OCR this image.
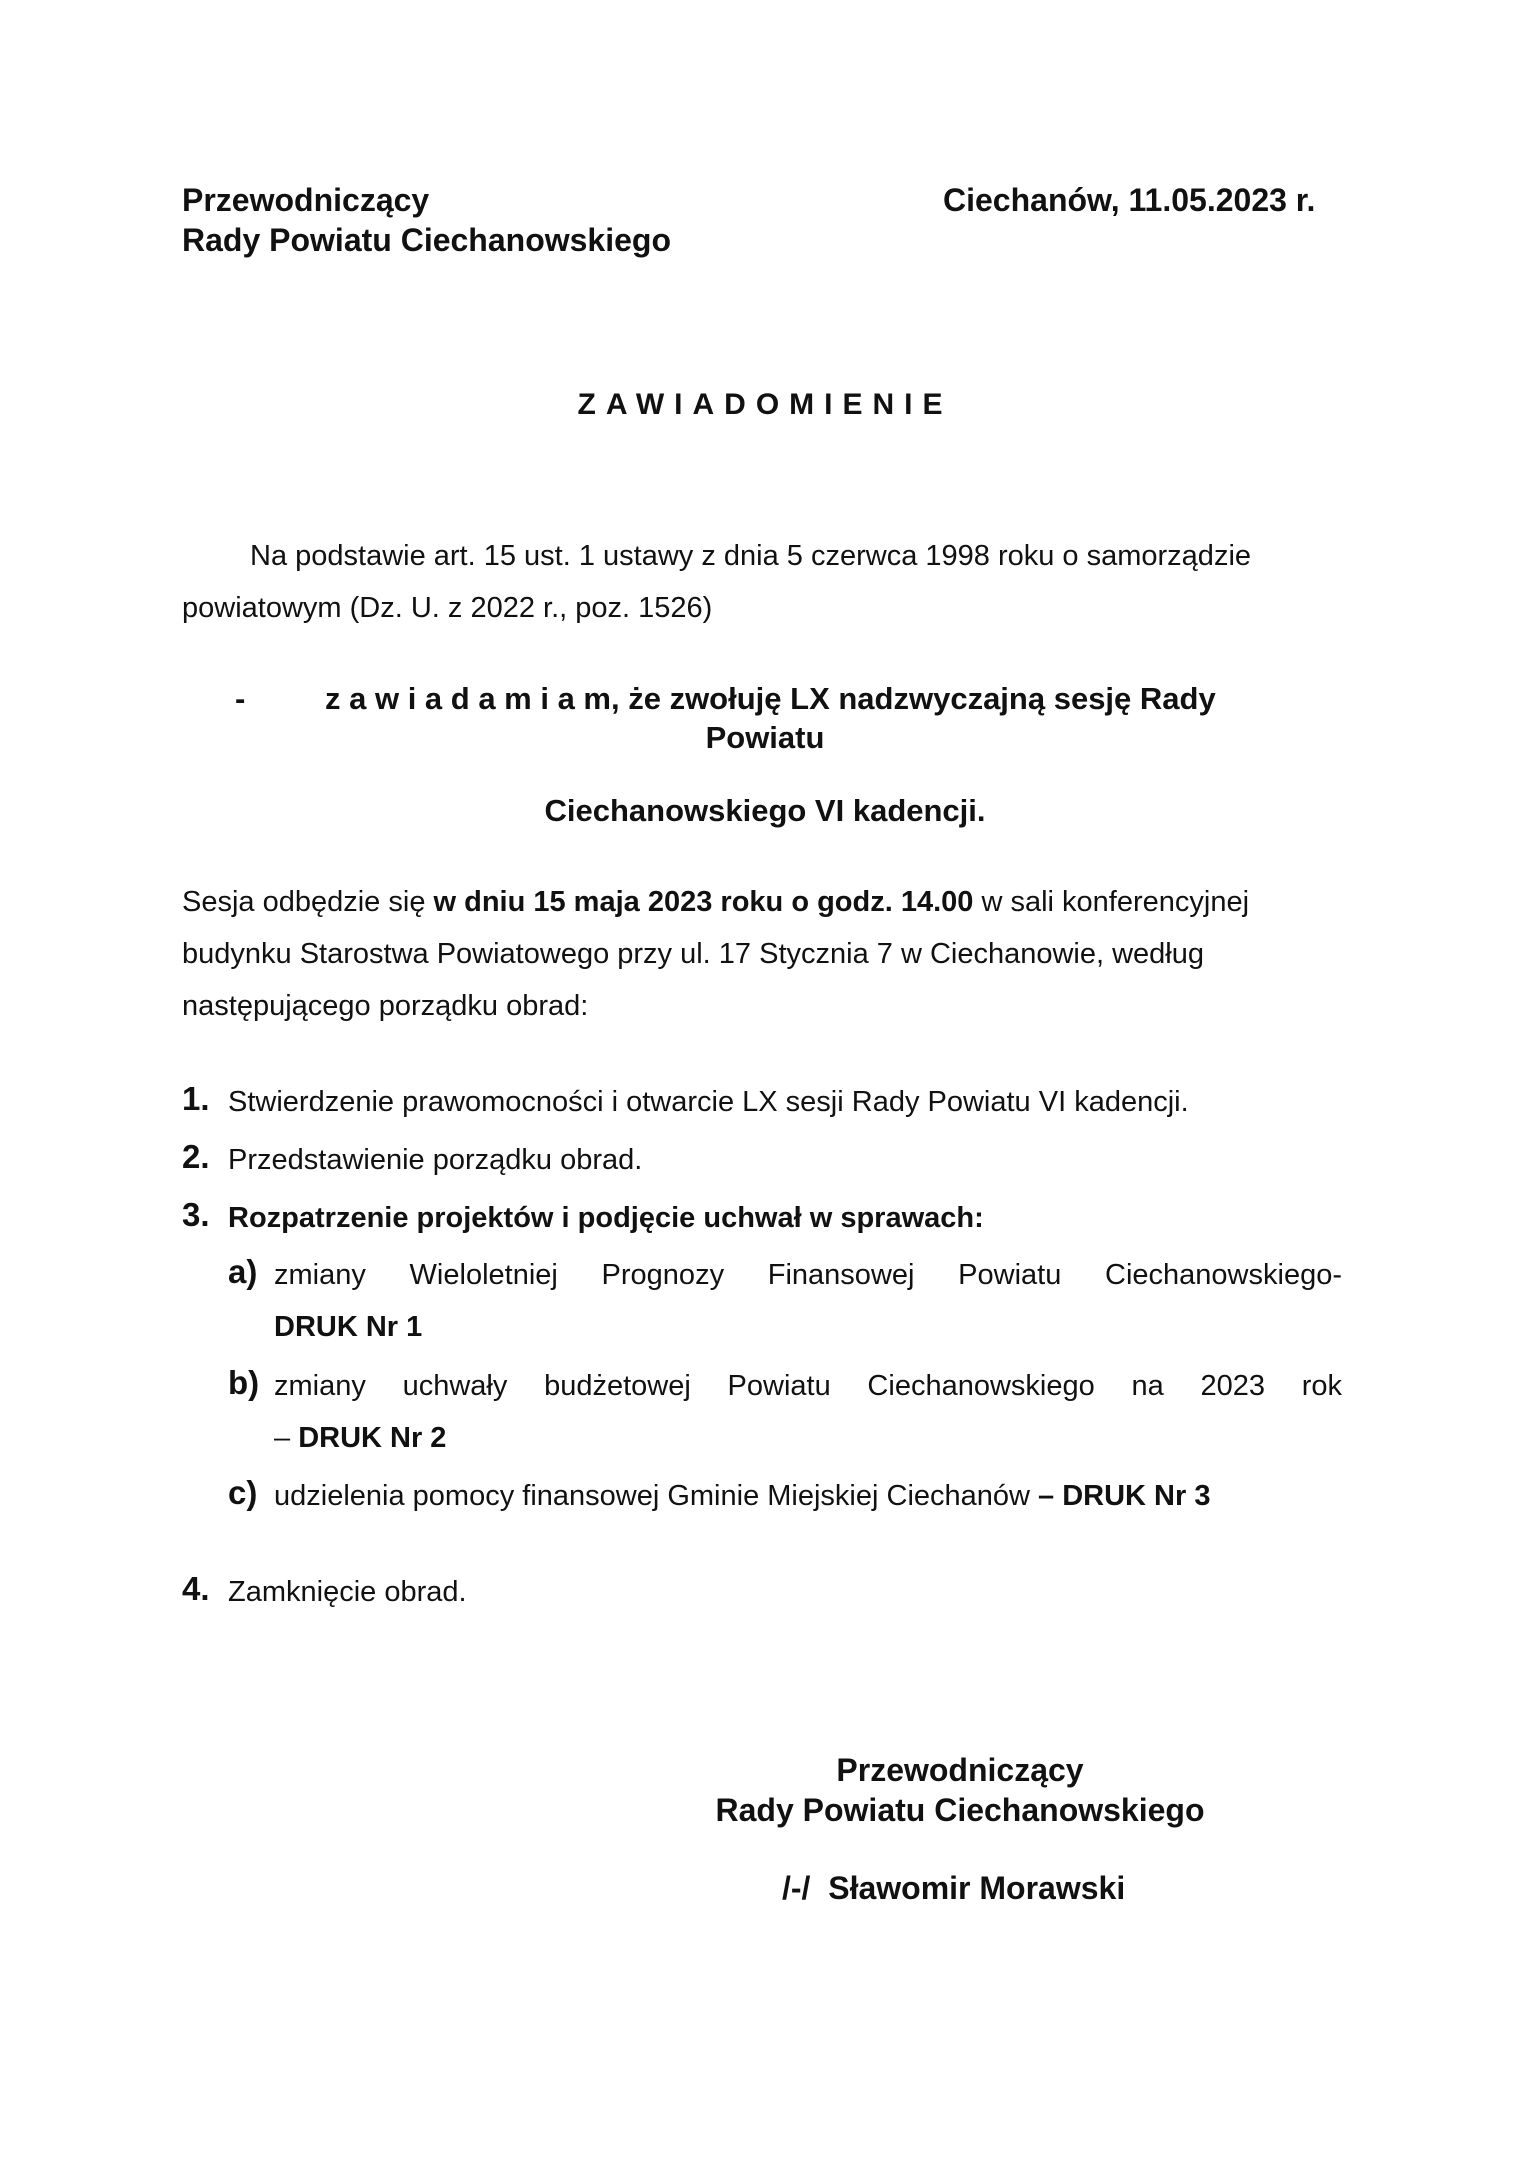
Przewodniczący
Rady Powiatu Ciechanowskiego
Ciechanów, 11.05.2023 r.
ZAWIADOMIENIE
Na podstawie art. 15 ust. 1 ustawy z dnia 5 czerwca 1998 roku o samorządzie
powiatowym (Dz. U. z 2022 r., poz. 1526)
-	z a w i a d a m i a m, że zwołuję LX nadzwyczajną sesję Rady
Powiatu
Ciechanowskiego VI kadencji.
Sesja odbędzie się w dniu 15 maja 2023 roku o godz. 14.00 w sali konferencyjnej
budynku Starostwa Powiatowego przy ul. 17 Stycznia 7 w Ciechanowie, według
następującego porządku obrad:
1. Stwierdzenie prawomocności i otwarcie LX sesji Rady Powiatu VI kadencji.
2. Przedstawienie porządku obrad.
3. Rozpatrzenie projektów i podjęcie uchwał w sprawach:
a) zmiany Wieloletniej Prognozy Finansowej Powiatu Ciechanowskiego-
DRUK Nr 1
b) zmiany uchwały budżetowej Powiatu Ciechanowskiego na 2023 rok
– DRUK Nr 2
c) udzielenia pomocy finansowej Gminie Miejskiej Ciechanów – DRUK Nr 3
4. Zamknięcie obrad.
Przewodniczący
Rady Powiatu Ciechanowskiego
/-/ Sławomir Morawski
